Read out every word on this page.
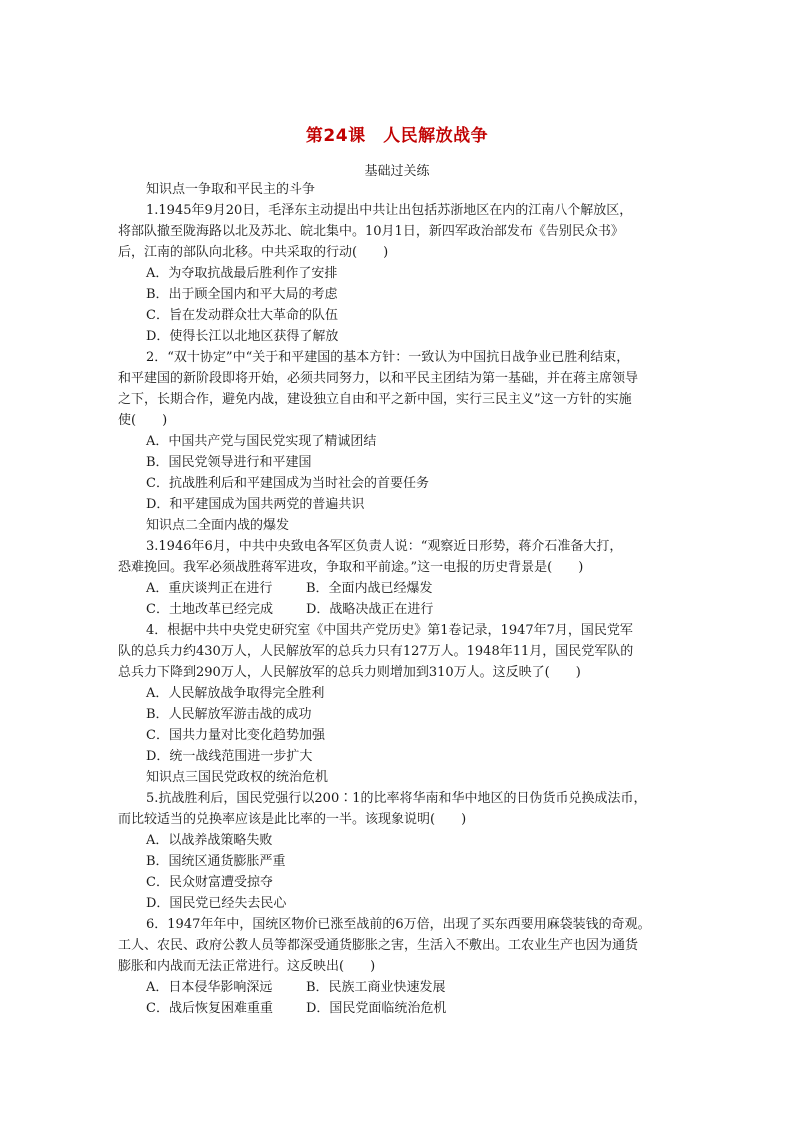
第24课　人民解放战争
基础过关练
知识点一争取和平民主的斗争
1.1945年9月20日，毛泽东主动提出中共让出包括苏浙地区在内的江南八个解放区，
将部队撤至陇海路以北及苏北、皖北集中。10月1日，新四军政治部发布《告别民众书》
后，江南的部队向北移。中共采取的行动(　　)
A．为夺取抗战最后胜利作了安排
B．出于顾全国内和平大局的考虑
C．旨在发动群众壮大革命的队伍
D．使得长江以北地区获得了解放
2．“双十协定”中“关于和平建国的基本方针：一致认为中国抗日战争业已胜利结束，
和平建国的新阶段即将开始，必须共同努力，以和平民主团结为第一基础，并在蒋主席领导
之下，长期合作，避免内战，建设独立自由和平之新中国，实行三民主义”这一方针的实施
使(　　)
A．中国共产党与国民党实现了精诚团结
B．国民党领导进行和平建国
C．抗战胜利后和平建国成为当时社会的首要任务
D．和平建国成为国共两党的普遍共识
知识点二全面内战的爆发
3.1946年6月，中共中央致电各军区负责人说：“观察近日形势，蒋介石准备大打，
恐难挽回。我军必须战胜蒋军进攻，争取和平前途。”这一电报的历史背景是(　　)
A．重庆谈判正在进行	B．全面内战已经爆发
C．土地改革已经完成	D．战略决战正在进行
4．根据中共中央党史研究室《中国共产党历史》第1卷记录，1947年7月，国民党军
队的总兵力约430万人，人民解放军的总兵力只有127万人。1948年11月，国民党军队的
总兵力下降到290万人，人民解放军的总兵力则增加到310万人。这反映了(　　)
A．人民解放战争取得完全胜利
B．人民解放军游击战的成功
C．国共力量对比变化趋势加强
D．统一战线范围进一步扩大
知识点三国民党政权的统治危机
5.抗战胜利后，国民党强行以200∶1的比率将华南和华中地区的日伪货币兑换成法币，
而比较适当的兑换率应该是此比率的一半。该现象说明(　　)
A．以战养战策略失败
B．国统区通货膨胀严重
C．民众财富遭受掠夺
D．国民党已经失去民心
6．1947年年中，国统区物价已涨至战前的6万倍，出现了买东西要用麻袋装钱的奇观。
工人、农民、政府公教人员等都深受通货膨胀之害，生活入不敷出。工农业生产也因为通货
膨胀和内战而无法正常进行。这反映出(　　)
A．日本侵华影响深远	B．民族工商业快速发展
C．战后恢复困难重重	D．国民党面临统治危机
